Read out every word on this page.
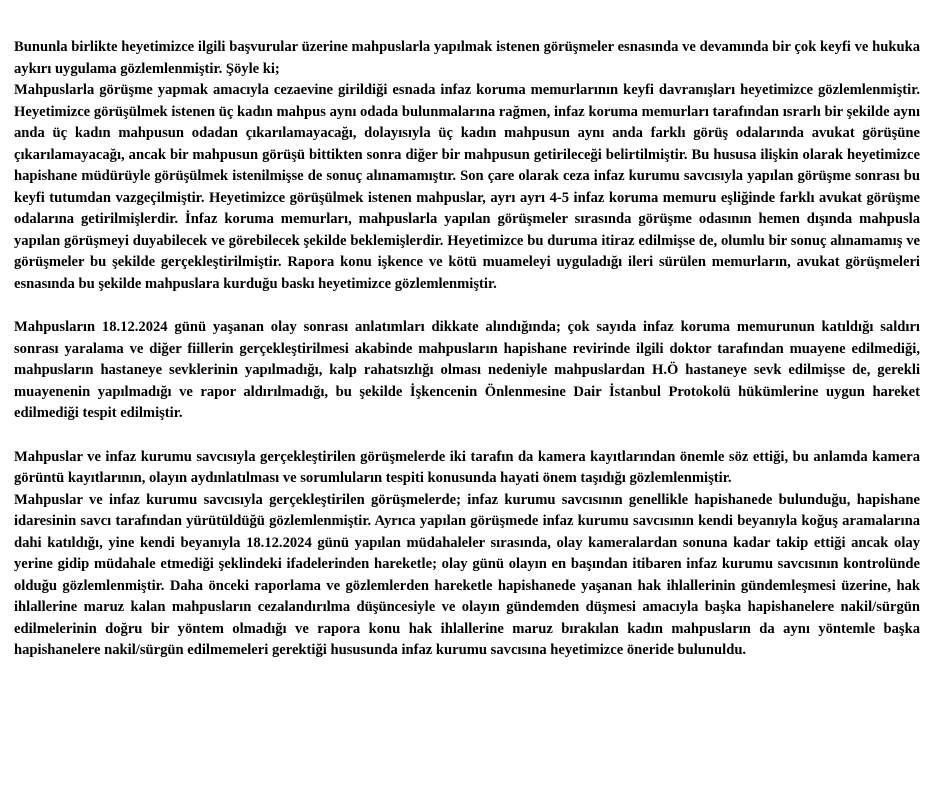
Bununla birlikte heyetimizce ilgili başvurular üzerine mahpuslarla yapılmak istenen görüşmeler esnasında ve devamında bir çok keyfi ve hukuka aykırı uygulama gözlemlenmiştir. Şöyle ki;

Mahpuslarla görüşme yapmak amacıyla cezaevine girildiği esnada infaz koruma memurlarının keyfi davranışları heyetimizce gözlemlenmiştir. Heyetimizce görüşülmek istenen üç kadın mahpus aynı odada bulunmalarına rağmen, infaz koruma memurları tarafından ısrarlı bir şekilde aynı anda üç kadın mahpusun odadan çıkarılamayacağı, dolayısıyla üç kadın mahpusun aynı anda farklı görüş odalarında avukat görüşüne çıkarılamayacağı, ancak bir mahpusun görüşü bittikten sonra diğer bir mahpusun getirileceği belirtilmiştir. Bu hususa ilişkin olarak heyetimizce hapishane müdürüyle görüşülmek istenilmişse de sonuç alınamamıştır. Son çare olarak ceza infaz kurumu savcısıyla yapılan görüşme sonrası bu keyfi tutumdan vazgeçilmiştir. Heyetimizce görüşülmek istenen mahpuslar, ayrı ayrı 4-5 infaz koruma memuru eşliğinde farklı avukat görüşme odalarına getirilmişlerdir. İnfaz koruma memurları, mahpuslarla yapılan görüşmeler sırasında görüşme odasının hemen dışında mahpusla yapılan görüşmeyi duyabilecek ve görebilecek şekilde beklemişlerdir. Heyetimizce bu duruma itiraz edilmişse de, olumlu bir sonuç alınamamış ve görüşmeler bu şekilde gerçekleştirilmiştir. Rapora konu işkence ve kötü muameleyi uyguladığı ileri sürülen memurların, avukat görüşmeleri esnasında bu şekilde mahpuslara kurduğu baskı heyetimizce gözlemlenmiştir.

Mahpusların 18.12.2024 günü yaşanan olay sonrası anlatımları dikkate alındığında; çok sayıda infaz koruma memurunun katıldığı saldırı sonrası yaralama ve diğer fiillerin gerçekleştirilmesi akabinde mahpusların hapishane revirinde ilgili doktor tarafından muayene edilmediği, mahpusların hastaneye sevklerinin yapılmadığı, kalp rahatsızlığı olması nedeniyle mahpuslardan H.Ö hastaneye sevk edilmişse de, gerekli muayenenin yapılmadığı ve rapor aldırılmadığı, bu şekilde İşkencenin Önlenmesine Dair İstanbul Protokolü hükümlerine uygun hareket edilmediği tespit edilmiştir.

Mahpuslar ve infaz kurumu savcısıyla gerçekleştirilen görüşmelerde iki tarafın da kamera kayıtlarından önemle söz ettiği, bu anlamda kamera görüntü kayıtlarının, olayın aydınlatılması ve sorumluların tespiti konusunda hayati önem taşıdığı gözlemlenmiştir.

Mahpuslar ve infaz kurumu savcısıyla gerçekleştirilen görüşmelerde; infaz kurumu savcısının genellikle hapishanede bulunduğu, hapishane idaresinin savcı tarafından yürütüldüğü gözlemlenmiştir. Ayrıca yapılan görüşmede infaz kurumu savcısının kendi beyanıyla koğuş aramalarına dahi katıldığı, yine kendi beyanıyla 18.12.2024 günü yapılan müdahaleler sırasında, olay kameralardan sonuna kadar takip ettiği ancak olay yerine gidip müdahale etmediği şeklindeki ifadelerinden hareketle; olay günü olayın en başından itibaren infaz kurumu savcısının kontrolünde olduğu gözlemlenmiştir. Daha önceki raporlama ve gözlemlerden hareketle hapishanede yaşanan hak ihlallerinin gündemleşmesi üzerine, hak ihlallerine maruz kalan mahpusların cezalandırılma düşüncesiyle ve olayın gündemden düşmesi amacıyla başka hapishanelere nakil/sürgün edilmelerinin doğru bir yöntem olmadığı ve rapora konu hak ihlallerine maruz bırakılan kadın mahpusların da aynı yöntemle başka hapishanelere nakil/sürgün edilmemeleri gerektiği hususunda infaz kurumu savcısına heyetimizce öneride bulunuldu.
